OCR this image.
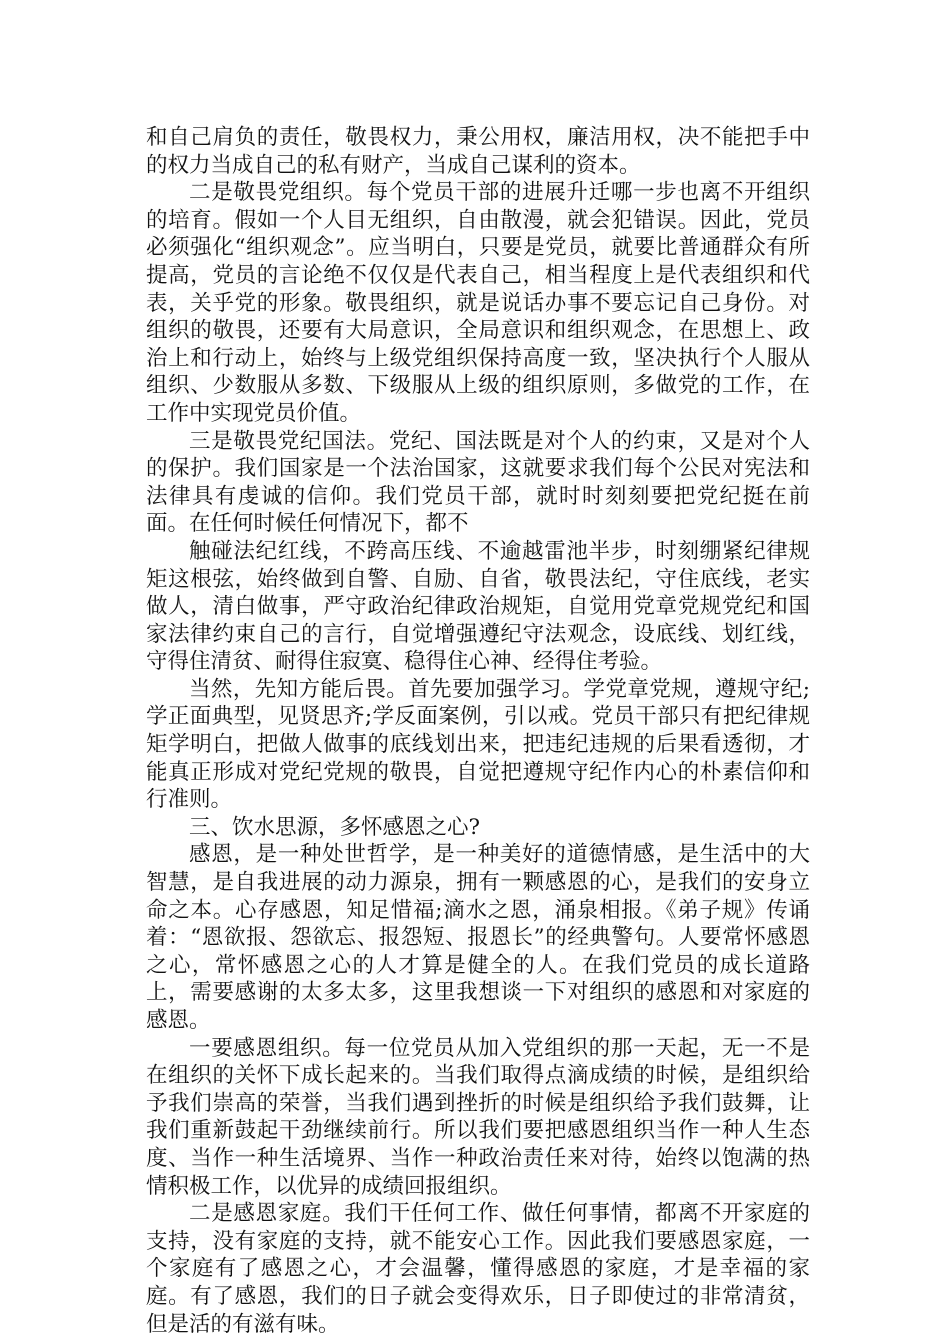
和自己肩负的责任，敬畏权力，秉公用权，廉洁用权，决不能把手中的权力当成自己的私有财产，当成自己谋利的资本。

二是敬畏党组织。每个党员干部的进展升迁哪一步也离不开组织的培育。假如一个人目无组织，自由散漫，就会犯错误。因此，党员必须强化“组织观念”。应当明白，只要是党员，就要比普通群众有所提高，党员的言论绝不仅仅是代表自己，相当程度上是代表组织和代表，关乎党的形象。敬畏组织，就是说话办事不要忘记自己身份。对组织的敬畏，还要有大局意识，全局意识和组织观念，在思想上、政治上和行动上，始终与上级党组织保持高度一致，坚决执行个人服从组织、少数服从多数、下级服从上级的组织原则，多做党的工作，在工作中实现党员价值。

三是敬畏党纪国法。党纪、国法既是对个人的约束，又是对个人的保护。我们国家是一个法治国家，这就要求我们每个公民对宪法和法律具有虔诚的信仰。我们党员干部，就时时刻刻要把党纪挺在前面。在任何时候任何情况下，都不

触碰法纪红线，不跨高压线、不逾越雷池半步，时刻绷紧纪律规矩这根弦，始终做到自警、自励、自省，敬畏法纪，守住底线，老实做人，清白做事，严守政治纪律政治规矩，自觉用党章党规党纪和国家法律约束自己的言行，自觉增强遵纪守法观念，设底线、划红线，守得住清贫、耐得住寂寞、稳得住心神、经得住考验。

当然，先知方能后畏。首先要加强学习。学党章党规，遵规守纪;学正面典型，见贤思齐;学反面案例，引以戒。党员干部只有把纪律规矩学明白，把做人做事的底线划出来，把违纪违规的后果看透彻，才能真正形成对党纪党规的敬畏，自觉把遵规守纪作内心的朴素信仰和行准则。

三、饮水思源，多怀感恩之心?

感恩，是一种处世哲学，是一种美好的道德情感，是生活中的大智慧，是自我进展的动力源泉，拥有一颗感恩的心，是我们的安身立命之本。心存感恩，知足惜福;滴水之恩，涌泉相报。《弟子规》传诵着：“恩欲报、怨欲忘、报怨短、报恩长”的经典警句。人要常怀感恩之心，常怀感恩之心的人才算是健全的人。在我们党员的成长道路上，需要感谢的太多太多，这里我想谈一下对组织的感恩和对家庭的感恩。

一要感恩组织。每一位党员从加入党组织的那一天起，无一不是在组织的关怀下成长起来的。当我们取得点滴成绩的时候，是组织给予我们崇高的荣誉，当我们遇到挫折的时候是组织给予我们鼓舞，让我们重新鼓起干劲继续前行。所以我们要把感恩组织当作一种人生态度、当作一种生活境界、当作一种政治责任来对待，始终以饱满的热情积极工作，以优异的成绩回报组织。

二是感恩家庭。我们干任何工作、做任何事情，都离不开家庭的支持，没有家庭的支持，就不能安心工作。因此我们要感恩家庭，一个家庭有了感恩之心，才会温馨，懂得感恩的家庭，才是幸福的家庭。有了感恩，我们的日子就会变得欢乐，日子即使过的非常清贫，但是活的有滋有味。
